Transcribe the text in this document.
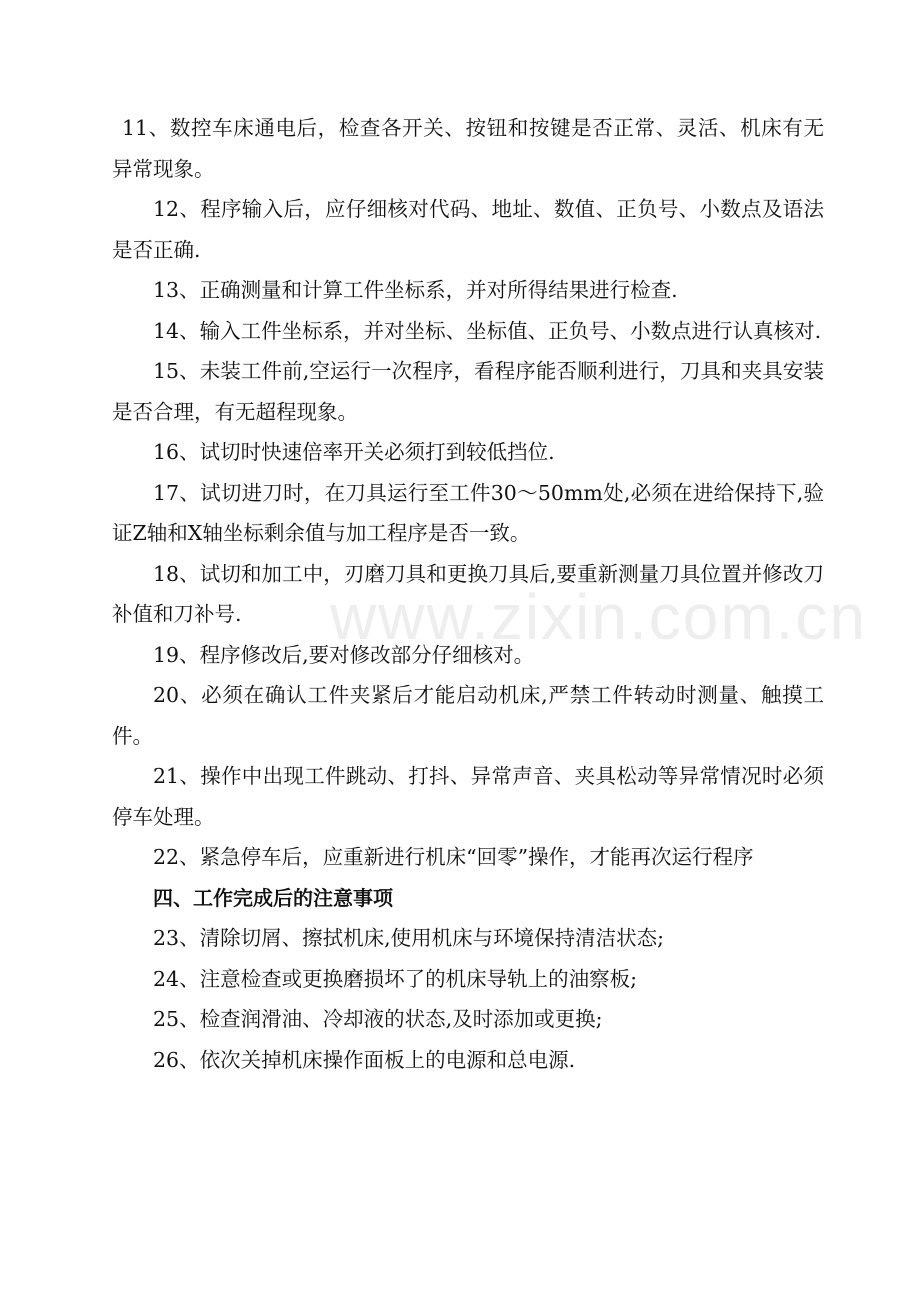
www.zixin.com.cn

11、数控车床通电后，检查各开关、按钮和按键是否正常、灵活、机床有无异常现象。

12、程序输入后，应仔细核对代码、地址、数值、正负号、小数点及语法是否正确.

13、正确测量和计算工件坐标系，并对所得结果进行检查.

14、输入工件坐标系，并对坐标、坐标值、正负号、小数点进行认真核对.

15、未装工件前,空运行一次程序，看程序能否顺利进行，刀具和夹具安装是否合理，有无超程现象。

16、试切时快速倍率开关必须打到较低挡位.

17、试切进刀时，在刀具运行至工件30～50mm处,必须在进给保持下,验证Z轴和X轴坐标剩余值与加工程序是否一致。

18、试切和加工中，刃磨刀具和更换刀具后,要重新测量刀具位置并修改刀补值和刀补号.

19、程序修改后,要对修改部分仔细核对。

20、必须在确认工件夹紧后才能启动机床,严禁工件转动时测量、触摸工件。

21、操作中出现工件跳动、打抖、异常声音、夹具松动等异常情况时必须停车处理。

22、紧急停车后，应重新进行机床“回零”操作，才能再次运行程序

四、工作完成后的注意事项

23、清除切屑、擦拭机床,使用机床与环境保持清洁状态;

24、注意检查或更换磨损坏了的机床导轨上的油察板;

25、检查润滑油、冷却液的状态,及时添加或更换;

26、依次关掉机床操作面板上的电源和总电源.
